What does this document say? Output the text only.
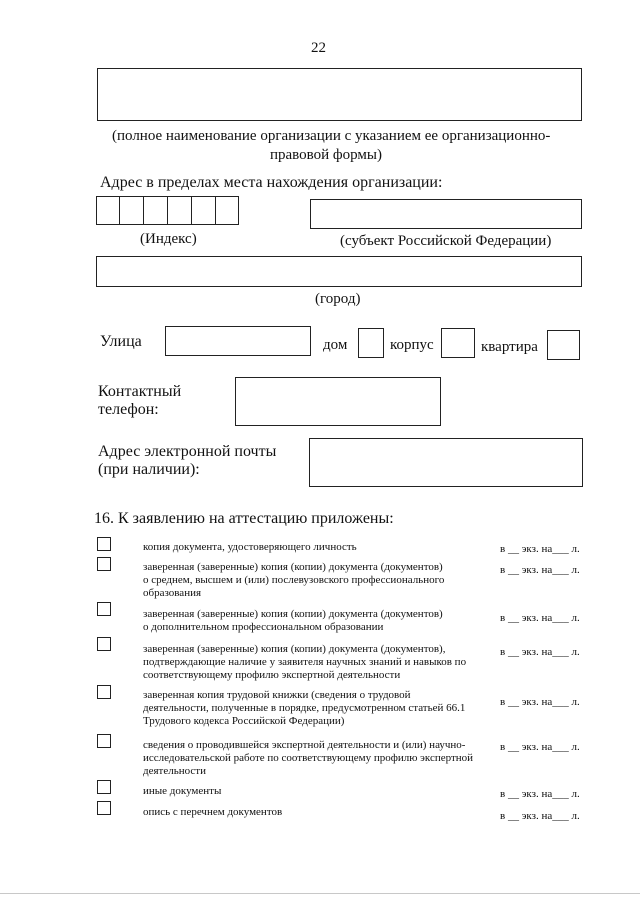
22
(полное наименование организации с указанием ее организационно-
правовой формы)
Адрес в пределах места нахождения организации:
(Индекс)	(субъект Российской Федерации)
(город)
Улица	дом	корпус	квартира
Контактный
телефон:
Адрес электронной почты
(при наличии):
16. К заявлению на аттестацию приложены:
копия документа, удостоверяющего личность	в __ экз. на___ л.
заверенная (заверенные) копия (копии) документа (документов)
о среднем, высшем и (или) послевузовского профессионального
образования
в __ экз. на___ л.
заверенная (заверенные) копия (копии) документа (документов)
о дополнительном профессиональном образовании
в __ экз. на___ л.
заверенная (заверенные) копия (копии) документа (документов),
подтверждающие наличие у заявителя научных знаний и навыков по
соответствующему профилю экспертной деятельности
в __ экз. на___ л.
заверенная копия трудовой книжки (сведения о трудовой
деятельности, полученные в порядке, предусмотренном статьей 66.1
Трудового кодекса Российской Федерации)
в __ экз. на___ л.
сведения о проводившейся экспертной деятельности и (или) научно-
исследовательской работе по соответствующему профилю экспертной
деятельности
в __ экз. на___ л.
иные документы	в __ экз. на___ л.
опись с перечнем документов	в __ экз. на___ л.
